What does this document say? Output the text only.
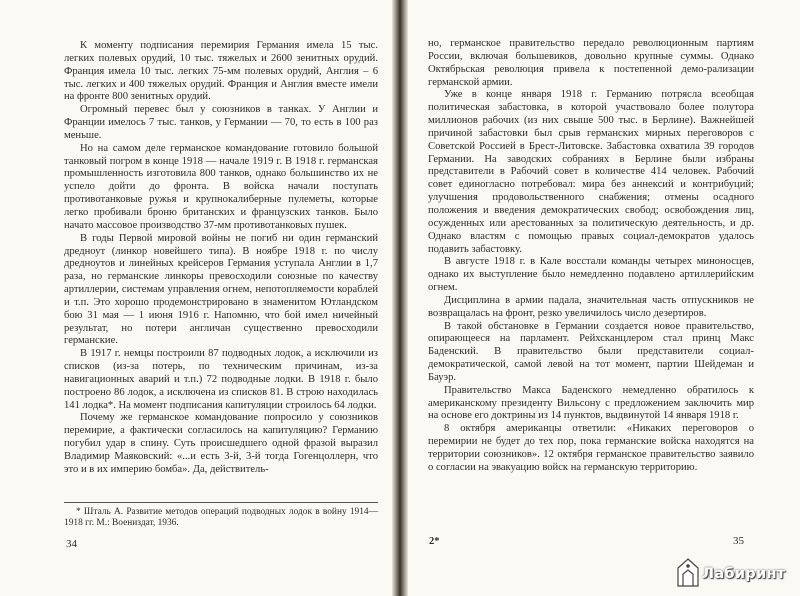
К моменту подписания перемирия Германия имела 15 тыс. легких полевых орудий, 10 тыс. тяжелых и 2600 зенитных орудий. Франция имела 10 тыс. легких 75-мм полевых орудий, Англия – 6 тыс. легких и 400 тяжелых орудий. Франция и Англия вместе имели на фронте 800 зенитных орудий.

Огромный перевес был у союзников в танках. У Англии и Франции имелось 7 тыс. танков, у Германии — 70, то есть в 100 раз меньше.

Но на самом деле германское командование готовило большой танковый погром в конце 1918 — начале 1919 г. В 1918 г. германская промышленность изготовила 800 танков, однако большинство их не успело дойти до фронта. В войска начали поступать противотанковые ружья и крупнокалиберные пулеметы, которые легко пробивали броню британских и французских танков. Было начато массовое производство 37-мм противотанковых пушек.

В годы Первой мировой войны не погиб ни один германский дредноут (линкор новейшего типа). В ноябре 1918 г. по числу дредноутов и линейных крейсеров Германия уступала Англии в 1,7 раза, но германские линкоры превосходили союзные по качеству артиллерии, системам управления огнем, непотопляемости кораблей и т.п. Это хорошо продемонстрировано в знаменитом Ютландском бою 31 мая — 1 июня 1916 г. Напомню, что бой имел ничейный результат, но потери англичан существенно превосходили германские.

В 1917 г. немцы построили 87 подводных лодок, а исключили из списков (из-за потерь, по техническим причинам, из-за навигационных аварий и т.п.) 72 подводные лодки. В 1918 г. было построено 86 лодок, а исключена из списков 81. В строю находилась 141 лодка*. На момент подписания капитуляции строилось 64 лодки.

Почему же германское командование попросило у союзников перемирие, а фактически согласилось на капитуляцию? Германию погубил удар в спину. Суть происшедшего одной фразой выразил Владимир Маяковский: «...и есть 3-й, 3-й тогда Гогенцоллерн, что это и в их империю бомба». Да, действитель-

* Шталь А. Развитие методов операций подводных лодок в войну 1914—1918 гг. М.: Воениздат, 1936.

34

но, германское правительство передало революционным партиям России, включая большевиков, довольно крупные суммы. Однако Октябрьская революция привела к постепенной демо-рализации германской армии.

Уже в конце января 1918 г. Германию потрясла всеобщая политическая забастовка, в которой участвовало более полутора миллионов рабочих (из них свыше 500 тыс. в Берлине). Важнейшей причиной забастовки был срыв германских мирных переговоров с Советской Россией в Брест-Литовске. Забастовка охватила 39 городов Германии. На заводских собраниях в Берлине были избраны представители в Рабочий совет в количестве 414 человек. Рабочий совет единогласно потребовал: мира без аннексий и контрибуций; улучшения продовольственного снабжения; отмены осадного положения и введения демократических свобод; освобождения лиц, осужденных или арестованных за политическую деятельность, и др. Однако властям с помощью правых социал-демократов удалось подавить забастовку.

В августе 1918 г. в Кале восстали команды четырех миноносцев, однако их выступление было немедленно подавлено артиллерийским огнем.

Дисциплина в армии падала, значительная часть отпускников не возвращалась на фронт, резко увеличилось число дезертиров.

В такой обстановке в Германии создается новое правительство, опирающееся на парламент. Рейхсканцлером стал принц Макс Баденский. В правительство были представители социал-демократической, самой левой на тот момент, партии Шейдеман и Бауэр.

Правительство Макса Баденского немедленно обратилось к американскому президенту Вильсону с предложением заключить мир на основе его доктрины из 14 пунктов, выдвинутой 14 января 1918 г.

8 октября американцы ответили: «Никаких переговоров о перемирии не будет до тех пор, пока германские войска находятся на территории союзников». 12 октября германское правительство заявило о согласии на эвакуацию войск на германскую территорию.

2*	35
Лабиринт
